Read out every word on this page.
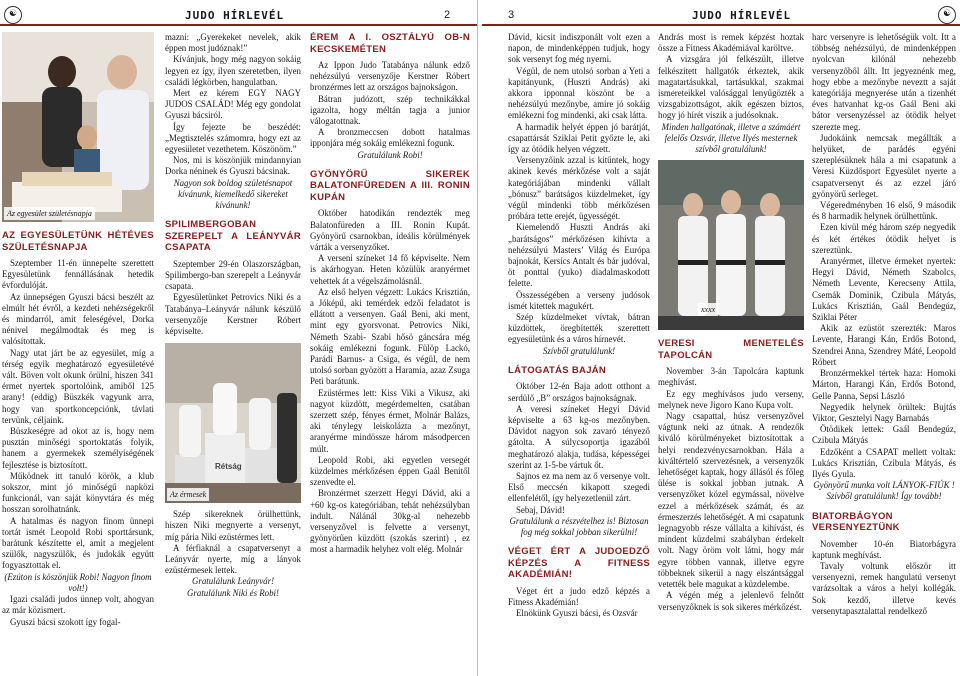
☯	JUDO HÍRLEVÉL	2
Az egyesület születésnapja
AZ EGYESÜLETÜNK HÉTÉVES SZÜLETÉSNAPJA

Szeptember 11-én ünnepelte szerettett Egyesületünk fennállásának hetedik évfordulóját.

Az ünnepségen Gyuszi bácsi beszélt az elmúlt hét évről, a kezdeti nehézségekről és mindarról, amit feleségével, Dorka nénivel megálmodtak és meg is valósítottak.

Nagy utat járt be az egyesület, míg a térség egyik meghatározó egyesületévé vált. Böven volt okunk örülni, hiszen 341 érmet nyertek sportolóink, amiből 125 arany! (eddig) Büszkék vagyunk arra, hogy van sportkoncepciónk, távlati tervünk, céljaink.

Büszkeségre ad okot az is, hogy nem pusztán minőségi sportoktatás folyik, hanem a gyermekek személyiségének fejlesztése is biztosított.

Működnek itt tanuló körök, a klub sokszor, mint jó minőségű napközi funkcionál, van saját könyvtára és még hosszan sorolhatnánk.

A hatalmas és nagyon finom ünnepi tortát ismét Leopold Robi sporttársunk, barátunk készítette el, amit a megjelent szülők, nagyszülők, és judokák együtt fogyasztottak el.

(Ezúton is köszönjük Robi! Nagyon finom volt!)

Igazi családi judos ünnep volt, ahogyan az már közismert.

Gyuszi bácsi szokott így fogal-

mazni: „Gyerekeket nevelek, akik éppen most judóznak!”

Kívánjuk, hogy még nagyon sokáig legyen ez így, ilyen szeretetben, ilyen családi légkörben, hangulatban.

Mert ez kérem EGY NAGY JUDOS CSALÁD! Még egy gondolat Gyuszi bácsiról.

Így fejezte be beszédét: „Megtisztelés számomra, hogy ezt az egyesületet vezethetem. Köszönöm.”

Nos, mi is köszönjük mindannyian Dorka néninek és Gyuszi bácsinak.

Nagyon sok boldog születésnapot kívánunk, kiemelkedő sikereket kívánunk!

SPILIMBERGOBAN SZEREPELT A LEÁNYVÁR CSAPATA

Szeptember 29-én Olaszországban, Spilimbergo-ban szerepelt a Leányvár csapata.

Egyesületünket Petrovics Niki és a Tatabánya–Leányvár nálunk készülő versenyzője Kerstner Róbert képviselte.

Rétság
Az érmesek

Szép sikereknek örülhettünk, hiszen Niki megnyerte a versenyt, míg pária Niki ezüstérmes lett.

A férfiaknál a csapatversenyt a Leányvár nyerte, míg a lányok ezüstérmesek lettek.

Gratulálunk Leányvár!

Gratulálunk Niki és Robi!

ÉREM A I. OSZTÁLYÚ OB-N KECSKEMÉTEN

Az Ippon Judo Tatabánya nálunk edző nehézsúlyú versenyzője Kerstner Róbert bronzérmes lett az országos bajnokságon.

Bátran judózott, szép technikákkal igazolta, hogy méltán tagja a junior válogatottnak.

A bronzmeccsen dobott hatalmas ipponjára még sokáig emlékezni fogunk.

Gratulálunk Robi!

GYÖNYÖRŰ SIKEREK BALATONFÜREDEN A III. RONIN KUPÁN

Október hatodikán rendezték meg Balatonfüreden a III. Ronin Kupát. Gyönyörű csarnokban, ideális körülmények várták a versenyzőket.

A verseni színeket 14 fő képviselte. Nem is akárhogyan. Heten közülük aranyérmet vehettek át a végelszámolásnál.

Az első helyen végzett: Lukács Krisztián, a Jóképű, aki temérdek edzői feladatot is ellátott a versenyen. Gaál Beni, aki ment, mint egy gyorsvonat. Petrovics Niki, Németh Szabi- Szabi hősö gáncsára még sokáig emlékezni fogunk. Fülöp Lackó, Parádi Barnus- a Csiga, és végül, de nem utolsó sorban gyözött a Haramia, azaz Zsuga Peti barátunk.

Ezüstérmes lett: Kiss Viki a Vikusz, aki nagyot küzdött, megérdemelten, csatában szerzett szép, fényes érmet, Molnár Balázs, aki ténylegy leiskolázta a mezőnyt, aranyérme mindössze három másodpercen múlt.

Leopold Robi, aki egyetlen versegét küzdelmes mérkőzésen éppen Gaál Benitől szenvedte el.

Bronzérmet szerzett Hegyi Dávid, aki a +60 kg-os kategóriában, tehát nehézsúlyban indult. Nálánál 30kg-al nehezebb versenyzővel is felvette a versenyt, gyönyörűen küzdött (szokás szerint) , ez most a harmadik helyhez volt elég. Molnár

3	JUDO HÍRLEVÉL	☯

Dávid, kicsit indiszponált volt ezen a napon, de mindenképpen tudjuk, hogy sok versenyt fog még nyerni.

Végül, de nem utolsó sorban a Yeti a kapitányunk, (Huszti András) aki akkora ipponnal köszönt be a nehézsúlyú mezőnybe, amire jó sokáig emlékezni fog mindenki, aki csak látta.

A harmadik helyét éppen jó barátját, csapattársát Sziklai Petit győzte le, aki így az ötödik helyen végzett.

Versenyzőink azzal is kitűntek, hogy akinek kevés mérkőzése volt a saját kategóriájában mindenki vállalt „bónusz” barátságos küzdelmeket, így végül mindenki több mérkőzésen próbára tette erejét, ügyességét.

Kiemelendő Huszti András aki „barátságos” mérkőzésen kihívta a nehézsúlyú Masters’ Világ és Európa bajnokát, Kersics Antalt és bár judóval, öt ponttal (yuko) diadalmaskodott felette.

Összességében a verseny judósok ismét kitettek magukért.

Szép küzdelmeket vívtak, bátran küzdöttek, öregbítették szerettett egyesületünk és a város hírnevét.

Szívből gratulálunk!

LÁTOGATÁS BAJÁN

Október 12-én Baja adott otthont a serdülő „B” országos bajnokságnak.

A veresi színeket Hegyi Dávid képviselte a 63 kg-os mezőnyben. Dávidot nagyon sok zavaró tényező gátolta. A súlycsoportja igazából meghatározó alakja, tudása, képességei szerint az 1-5-be vártuk őt.

Sajnos ez ma nem az ő versenye volt. Első meccsén kikapott szegedi ellenfelétől, így helyezetlenül zárt.

Sebaj, Dávid!

Gratulálunk a részvételhez is! Biztosan fog még sokkal jobban sikerülni!

VÉGET ÉRT A JUDOEDZŐ KÉPZÉS A FITNESS AKADÉMIÁN!

Véget ért a judo edző képzés a Fitness Akadémián!

Elnökünk Gyuszi bácsi, és Ozsvár

András most is remek képzést hoztak össze a Fitness Akadémiával karöltve.

A vizsgára jól felkészült, illetve felkészített hallgatók érkeztek, akik magatartásukkal, tartásukkal, szakmai ismereteikkel valósággal lenyűgözték a vizsgabizottságot, akik egészen biztos, hogy jó hírét viszik a judósoknak.

Minden hallgatónak, illetve a számáért felelős Ozsvár, illetve Ilyés mesternek szívből gratulálunk!

xxxx
VERESI MENETELÉS TAPOLCÁN

November 3-án Tapolcára kaptunk meghívást.

Ez egy meghívásos judo verseny, melynek neve Jigoro Kano Kupa volt.

Nagy csapattal, húsz versenyzővel vágtunk neki az útnak. A rendezők kiváló körülményeket biztosítottak a helyi rendezvénycsarnokban. Hála a kiváltértelő szervezésnek, a versenyzők lehetőséget kaptak, hogy állásól és főleg ülése is sokkal jobban jutnak. A versenyzőket közel egymással, növelve ezzel a mérkőzések számát, és az érmeszerzés lehetőségét. A mi csapatunk legnagyobb része vállalta a kihívást, és mindent küzdelmi szabályban érdekelt volt. Nagy öröm volt látni, hogy már egyre többen vannak, illetve egyre többeknek sikerül a nagy elszántsággal vetették bele magukat a küzdelembe.

A végén még a jelenlevő felnőtt versenyzőknek is sok sikeres mérkőzést.

harc versenyre is lehetőségük volt. Itt a többség nehézsúlyú, de mindenképpen nyolcvan kilónál nehezebb versenyzőből állt. Itt jegyeznénk meg, hogy ebbe a mezőnybe neveztt a saját kategóriája megnyerése után a tizenhét éves hatvanhat kg-os Gaál Beni aki bátor versenyzéssel az ötödik helyet szerezte meg.

Judokáink nemcsak megállták a helyüket, de parádés egyéni szereplésüknek hála a mi csapatunk a Veresi Küzdősport Egyesület nyerte a csapatversenyt és az ezzel járó gyönyörű serleget.

Végeredményben 16 első, 9 második és 8 harmadik helynek örülhettünk.

Ezen kívül még három szép negyedik és két értékes ötödik helyet is szereztünk.

Aranyérmet, illetve érmeket nyertek: Hegyi Dávid, Németh Szabolcs, Németh Levente, Kerecseny Attila, Csemák Dominik, Czibula Mátyás, Lukács Krisztián, Gaál Bendegúz, Sziklai Péter

Akik az ezüstöt szerezték: Maros Levente, Harangi Kán, Erdős Botond, Szendrei Anna, Szendrey Máté, Leopold Róbert

Bronzérmekkel tértek haza: Homoki Márton, Harangi Kán, Erdős Botond, Gelle Panna, Sepsi László

Negyedik helynek örültek: Bujtás Viktor, Gesztelyi Nagy Barnabás

Ötödikek lettek: Gaál Bendegúz, Czibula Mátyás

Edzőként a CSAPAT mellett voltak: Lukács Krisztián, Czibula Mátyás, és Ilyés Gyula.

Gyönyörű munka volt LÁNYOK-FIÚK ! Szívből gratulálunk! Így tovább!

BIATORBÁGYON VERSENYEZTÜNK

November 10-én Biatorbágyra kaptunk meghívást.

Tavaly voltunk először itt versenyezni, remek hangulatú versenyt varázsoltak a város a helyi kollégák. Sok kezdő, illetve kevés versenytapasztalattal rendelkező
